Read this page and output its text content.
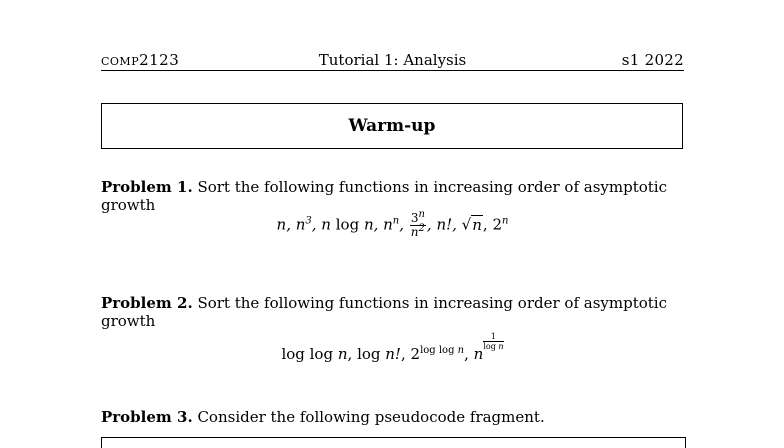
comp2123	Tutorial 1: Analysis	s1 2022
Warm-up
Problem 1. Sort the following functions in increasing order of asymptotic growth
n, $n^3$, n log n, $n^n$, $\frac{3^n}{n^2}$ , n!, √n, 2$^n$
Problem 2. Sort the following functions in increasing order of asymptotic growth
log log n, log n!, $2^{log log n}$, n
$\frac{1}{\text{log n}}$
Problem 3. Consider the following pseudocode fragment.
